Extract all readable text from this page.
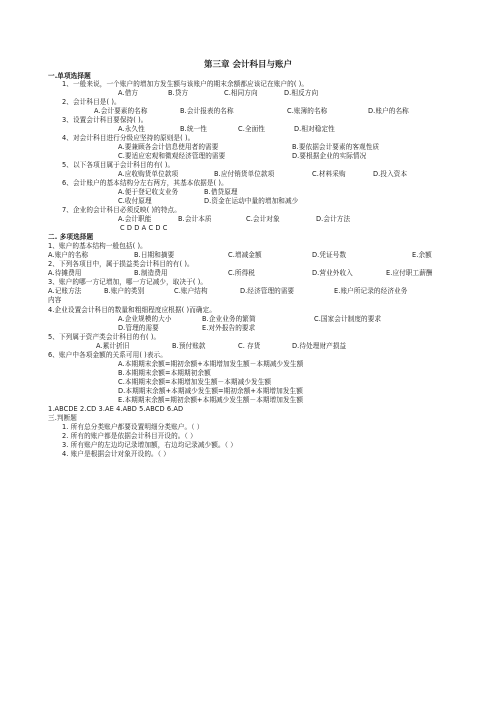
第三章 会计科目与账户
一.单项选择题
1、一般来说，一个账户的增加方发生额与该账户的期末余额都应该记在账户的( )。
A.借方	B.贷方	C.相同方向	D.相反方向
2、会计科目是( )。
A.会计要素的名称	B.会计报表的名称	C.账簿的名称	D.账户的名称
3、设置会计科目要保持( )。
A.永久性	B.统一性	C.全面性	D.相对稳定性
4、对会计科目进行分级应坚持的原则是( )。
A.要兼顾各会计信息使用者的需要	B.要依据会计要素的客观性质
C.要适应宏观和微观经济管理的需要	D.要根据企业的实际情况
5、以下各项目属于会计科目的有( )。
A.应收购货单位款项	B.应付销货单位款项	C.材料采购	D.投入资本
6、会计账户的基本结构分左右两方，其基本依据是( )。
A.便于登记收支业务	B.借贷原理
C.收付原理	D.资金在运动中量的增加和减少
7、企业的会计科目必须反映( )的特点。
A.会计职能	B.会计本质	C.会计对象	D.会计方法
C D D A C D C
二. 多项选择题
1、账户的基本结构一般包括( )。
A.账户的名称	B.日期和摘要	C.增减金额	D.凭证号数	E.余额
2、下列各项目中，属于损益类会计科目的有( )。
A.待摊费用	B.制造费用	C.所得税	D.营业外收入	E.应付职工薪酬
3、账户的哪一方记增加，哪一方记减少，取决于( )。
A.记账方法	B.账户的类别	C.账户结构	D.经济管理的需要	E.账户所记录的经济业务
内容
4.企业设置会计科目的数量和粗细程度应根据( )而确定。
A.企业规模的大小	B.企业业务的繁简	C.国家会计制度的要求
D.管理的需要	E.对外报告的要求
5、下列属于资产类会计科目的有( )。
A.累计折旧	B.预付账款	C. 存货	D.待处理财产损益
6、账户中各项金额的关系可用( )表示。
A.本期期末余额=期初余额+本期增加发生额－本期减少发生额
B.本期期末余额=本期期初余额
C.本期期末余额=本期增加发生额－本期减少发生额
D.本期期末余额+本期减少发生额=期初余额+本期增加发生额
E.本期期末余额=期初余额+本期减少发生额－本期增加发生额
1.ABCDE 2.CD 3.AE 4.ABD 5.ABCD 6.AD
三.判断题
1. 所有总分类账户都要设置明细分类账户。（ ）
2. 所有的账户都是依据会计科目开设的。（ ）
3. 所有账户的左边均记录增加额，右边均记录减少额。（ ）
4. 账户是根据会计对象开设的。（ ）
